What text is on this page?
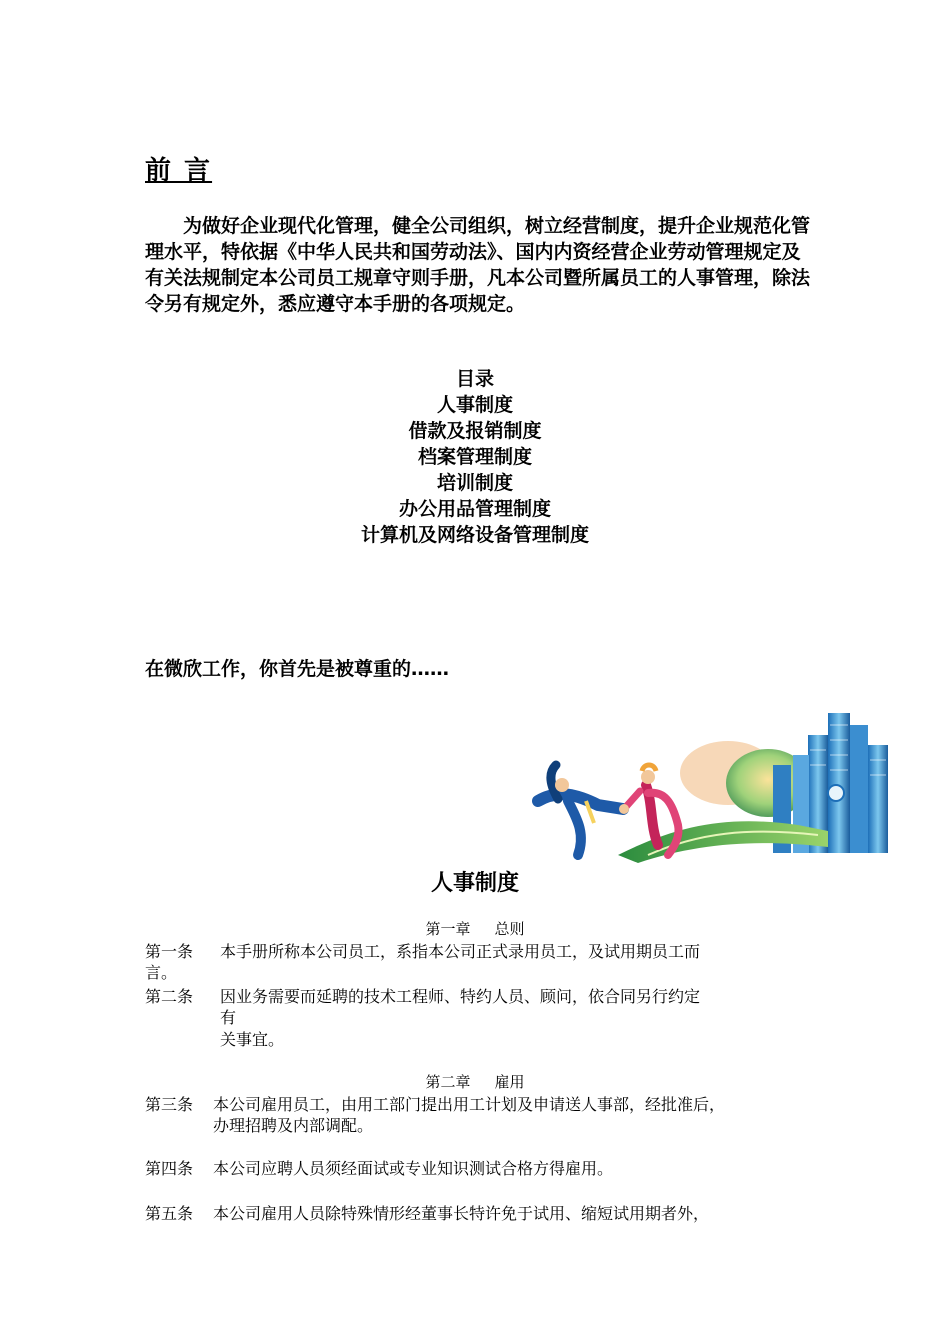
前 言
为做好企业现代化管理，健全公司组织，树立经营制度，提升企业规范化管理水平，特依据《中华人民共和国劳动法》、国内内资经营企业劳动管理规定及有关法规制定本公司员工规章守则手册，凡本公司暨所属员工的人事管理，除法令另有规定外，悉应遵守本手册的各项规定。
目录
人事制度
借款及报销制度
档案管理制度
培训制度
办公用品管理制度
计算机及网络设备管理制度
在微欣工作，你首先是被尊重的……
人事制度
第一章 总则
第一条 本手册所称本公司员工，系指本公司正式录用员工，及试用期员工而
言。
第二条 因业务需要而延聘的技术工程师、特约人员、顾问，依合同另行约定
有
关事宜。
第二章 雇用
第三条 本公司雇用员工，由用工部门提出用工计划及申请送人事部，经批准后，
办理招聘及内部调配。
第四条 本公司应聘人员须经面试或专业知识测试合格方得雇用。
第五条 本公司雇用人员除特殊情形经董事长特许免于试用、缩短试用期者外，
